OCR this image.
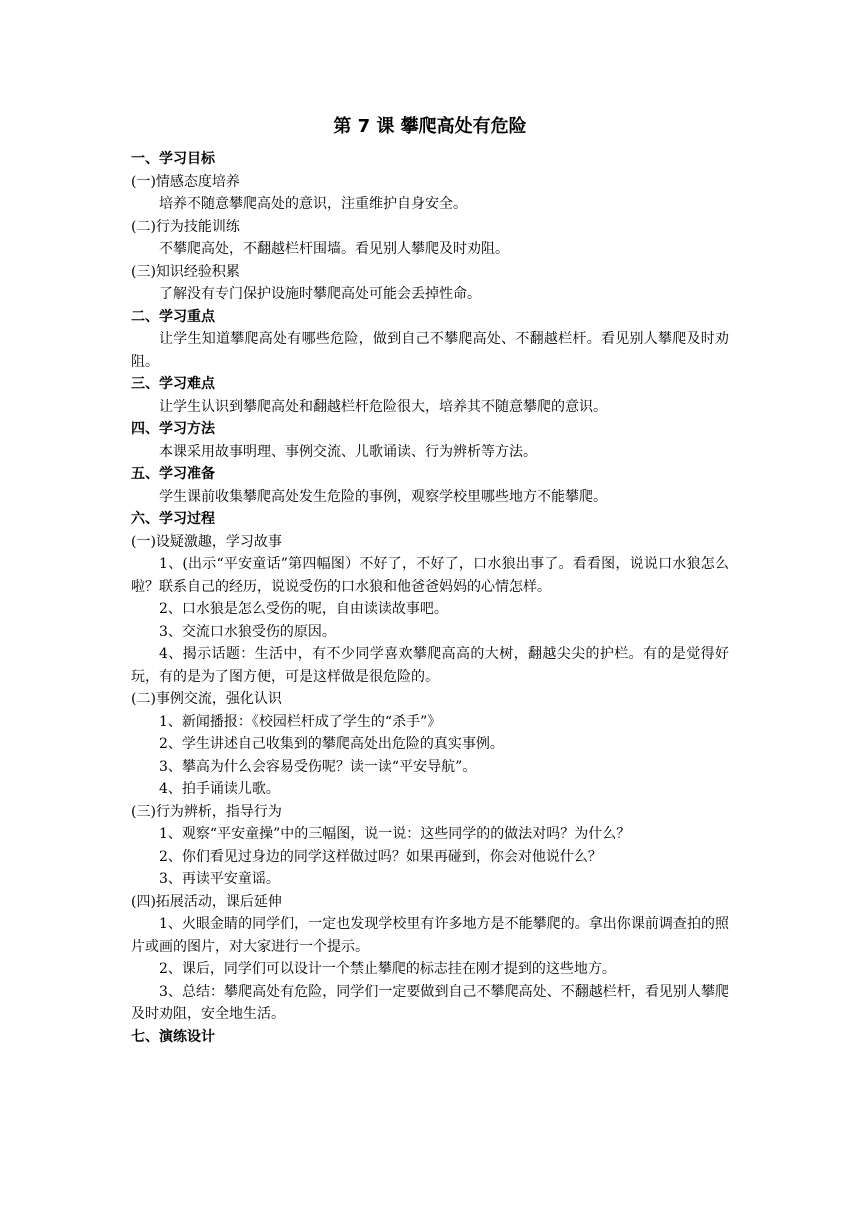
第 7 课 攀爬高处有危险

一、学习目标

(一)情感态度培养

培养不随意攀爬高处的意识，注重维护自身安全。

(二)行为技能训练

不攀爬高处，不翻越栏杆围墙。看见别人攀爬及时劝阻。

(三)知识经验积累

了解没有专门保护设施时攀爬高处可能会丢掉性命。

二、学习重点

让学生知道攀爬高处有哪些危险，做到自己不攀爬高处、不翻越栏杆。看见别人攀爬及时劝阻。

三、学习难点

让学生认识到攀爬高处和翻越栏杆危险很大，培养其不随意攀爬的意识。

四、学习方法

本课采用故事明理、事例交流、儿歌诵读、行为辨析等方法。

五、学习准备

学生课前收集攀爬高处发生危险的事例，观察学校里哪些地方不能攀爬。

六、学习过程

(一)设疑激趣，学习故事

1、(出示“平安童话”第四幅图）不好了，不好了，口水狼出事了。看看图，说说口水狼怎么啦？联系自己的经历，说说受伤的口水狼和他爸爸妈妈的心情怎样。

2、口水狼是怎么受伤的呢，自由读读故事吧。

3、交流口水狼受伤的原因。

4、揭示话题：生活中，有不少同学喜欢攀爬高高的大树，翻越尖尖的护栏。有的是觉得好玩，有的是为了图方便，可是这样做是很危险的。

(二)事例交流，强化认识

1、新闻播报：《校园栏杆成了学生的“杀手”》

2、学生讲述自己收集到的攀爬高处出危险的真实事例。

3、攀高为什么会容易受伤呢？读一读“平安导航”。

4、拍手诵读儿歌。

(三)行为辨析，指导行为

1、观察“平安童操”中的三幅图，说一说：这些同学的的做法对吗？为什么？

2、你们看见过身边的同学这样做过吗？如果再碰到，你会对他说什么？

3、再读平安童谣。

(四)拓展活动，课后延伸

1、火眼金睛的同学们，一定也发现学校里有许多地方是不能攀爬的。拿出你课前调查拍的照片或画的图片，对大家进行一个提示。

2、课后，同学们可以设计一个禁止攀爬的标志挂在刚才提到的这些地方。

3、总结：攀爬高处有危险，同学们一定要做到自己不攀爬高处、不翻越栏杆，看见别人攀爬及时劝阻，安全地生活。

七、演练设计
